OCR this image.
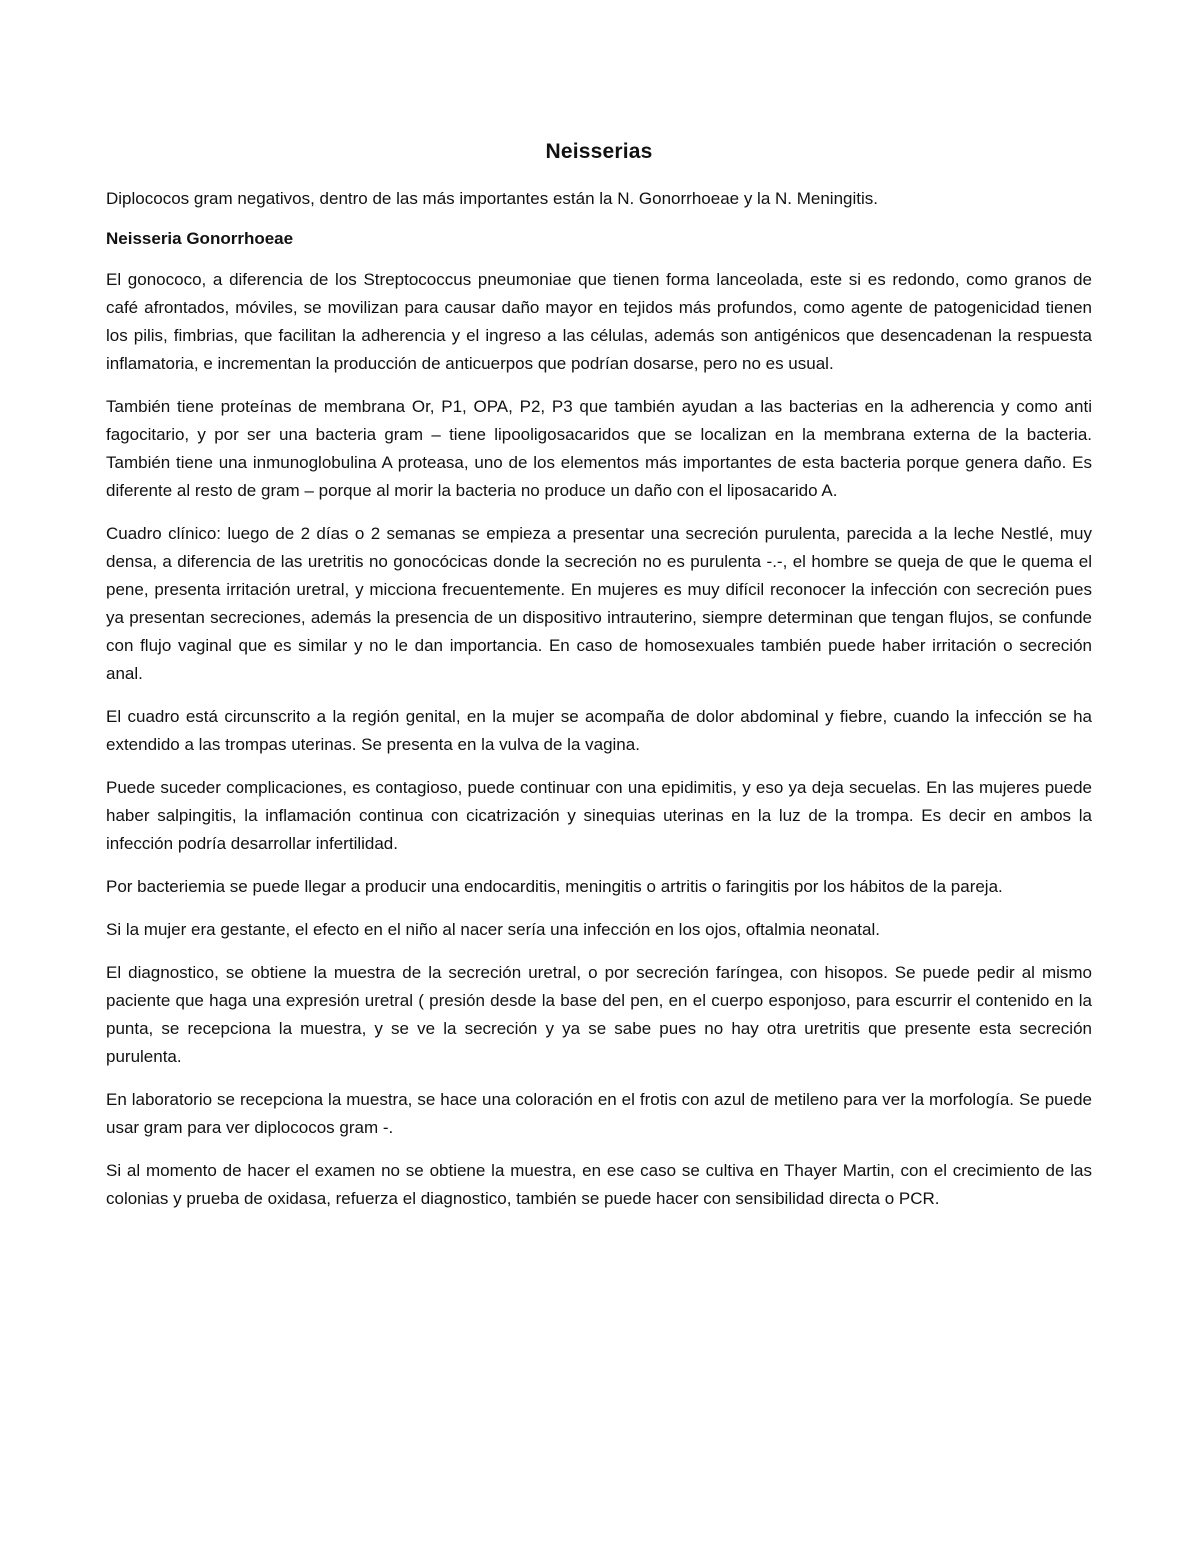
Neisserias

Diplococos gram negativos, dentro de las más importantes están la N. Gonorrhoeae y la N. Meningitis.

Neisseria Gonorrhoeae

El gonococo, a diferencia de los Streptococcus pneumoniae que tienen forma lanceolada, este si es redondo, como granos de café afrontados, móviles, se movilizan para causar daño mayor en tejidos más profundos, como agente de patogenicidad tienen los pilis, fimbrias, que facilitan la adherencia y el ingreso a las células, además son antigénicos que desencadenan la respuesta inflamatoria, e incrementan la producción de anticuerpos que podrían dosarse, pero no es usual.

También tiene proteínas de membrana Or, P1, OPA, P2, P3 que también ayudan a las bacterias en la adherencia y como anti fagocitario, y por ser una bacteria gram – tiene lipooligosacaridos que se localizan en la membrana externa de la bacteria. También tiene una inmunoglobulina A proteasa, uno de los elementos más importantes de esta bacteria porque genera daño. Es diferente al resto de gram – porque al morir la bacteria no produce un daño con el liposacarido A.

Cuadro clínico: luego de 2 días o 2 semanas se empieza a presentar una secreción purulenta, parecida a la leche Nestlé, muy densa, a diferencia de las uretritis no gonocócicas donde la secreción no es purulenta -.-, el hombre se queja de que le quema el pene, presenta irritación uretral, y micciona frecuentemente. En mujeres es muy difícil reconocer la infección con secreción pues ya presentan secreciones, además la presencia de un dispositivo intrauterino, siempre determinan que tengan flujos, se confunde con flujo vaginal que es similar y no le dan importancia. En caso de homosexuales también puede haber irritación o secreción anal.

El cuadro está circunscrito a la región genital, en la mujer se acompaña de dolor abdominal y fiebre, cuando la infección se ha extendido a las trompas uterinas. Se presenta en la vulva de la vagina.

Puede suceder complicaciones, es contagioso, puede continuar con una epidimitis, y eso ya deja secuelas. En las mujeres puede haber salpingitis, la inflamación continua con cicatrización y sinequias uterinas en la luz de la trompa. Es decir en ambos la infección podría desarrollar infertilidad.

Por bacteriemia se puede llegar a producir una endocarditis, meningitis o artritis o faringitis por los hábitos de la pareja.

Si la mujer era gestante, el efecto en el niño al nacer sería una infección en los ojos, oftalmia neonatal.

El diagnostico, se obtiene la muestra de la secreción uretral, o por secreción faríngea, con hisopos. Se puede pedir al mismo paciente que haga una expresión uretral ( presión desde la base del pen, en el cuerpo esponjoso, para escurrir el contenido en la punta, se recepciona la muestra, y se ve la secreción y ya se sabe pues no hay otra uretritis que presente esta secreción purulenta.

En laboratorio se recepciona la muestra, se hace una coloración en el frotis con azul de metileno para ver la morfología. Se puede usar gram para ver diplococos gram -.

Si al momento de hacer el examen no se obtiene la muestra, en ese caso se cultiva en Thayer Martin, con el crecimiento de las colonias y prueba de oxidasa, refuerza el diagnostico, también se puede hacer con sensibilidad directa o PCR.
